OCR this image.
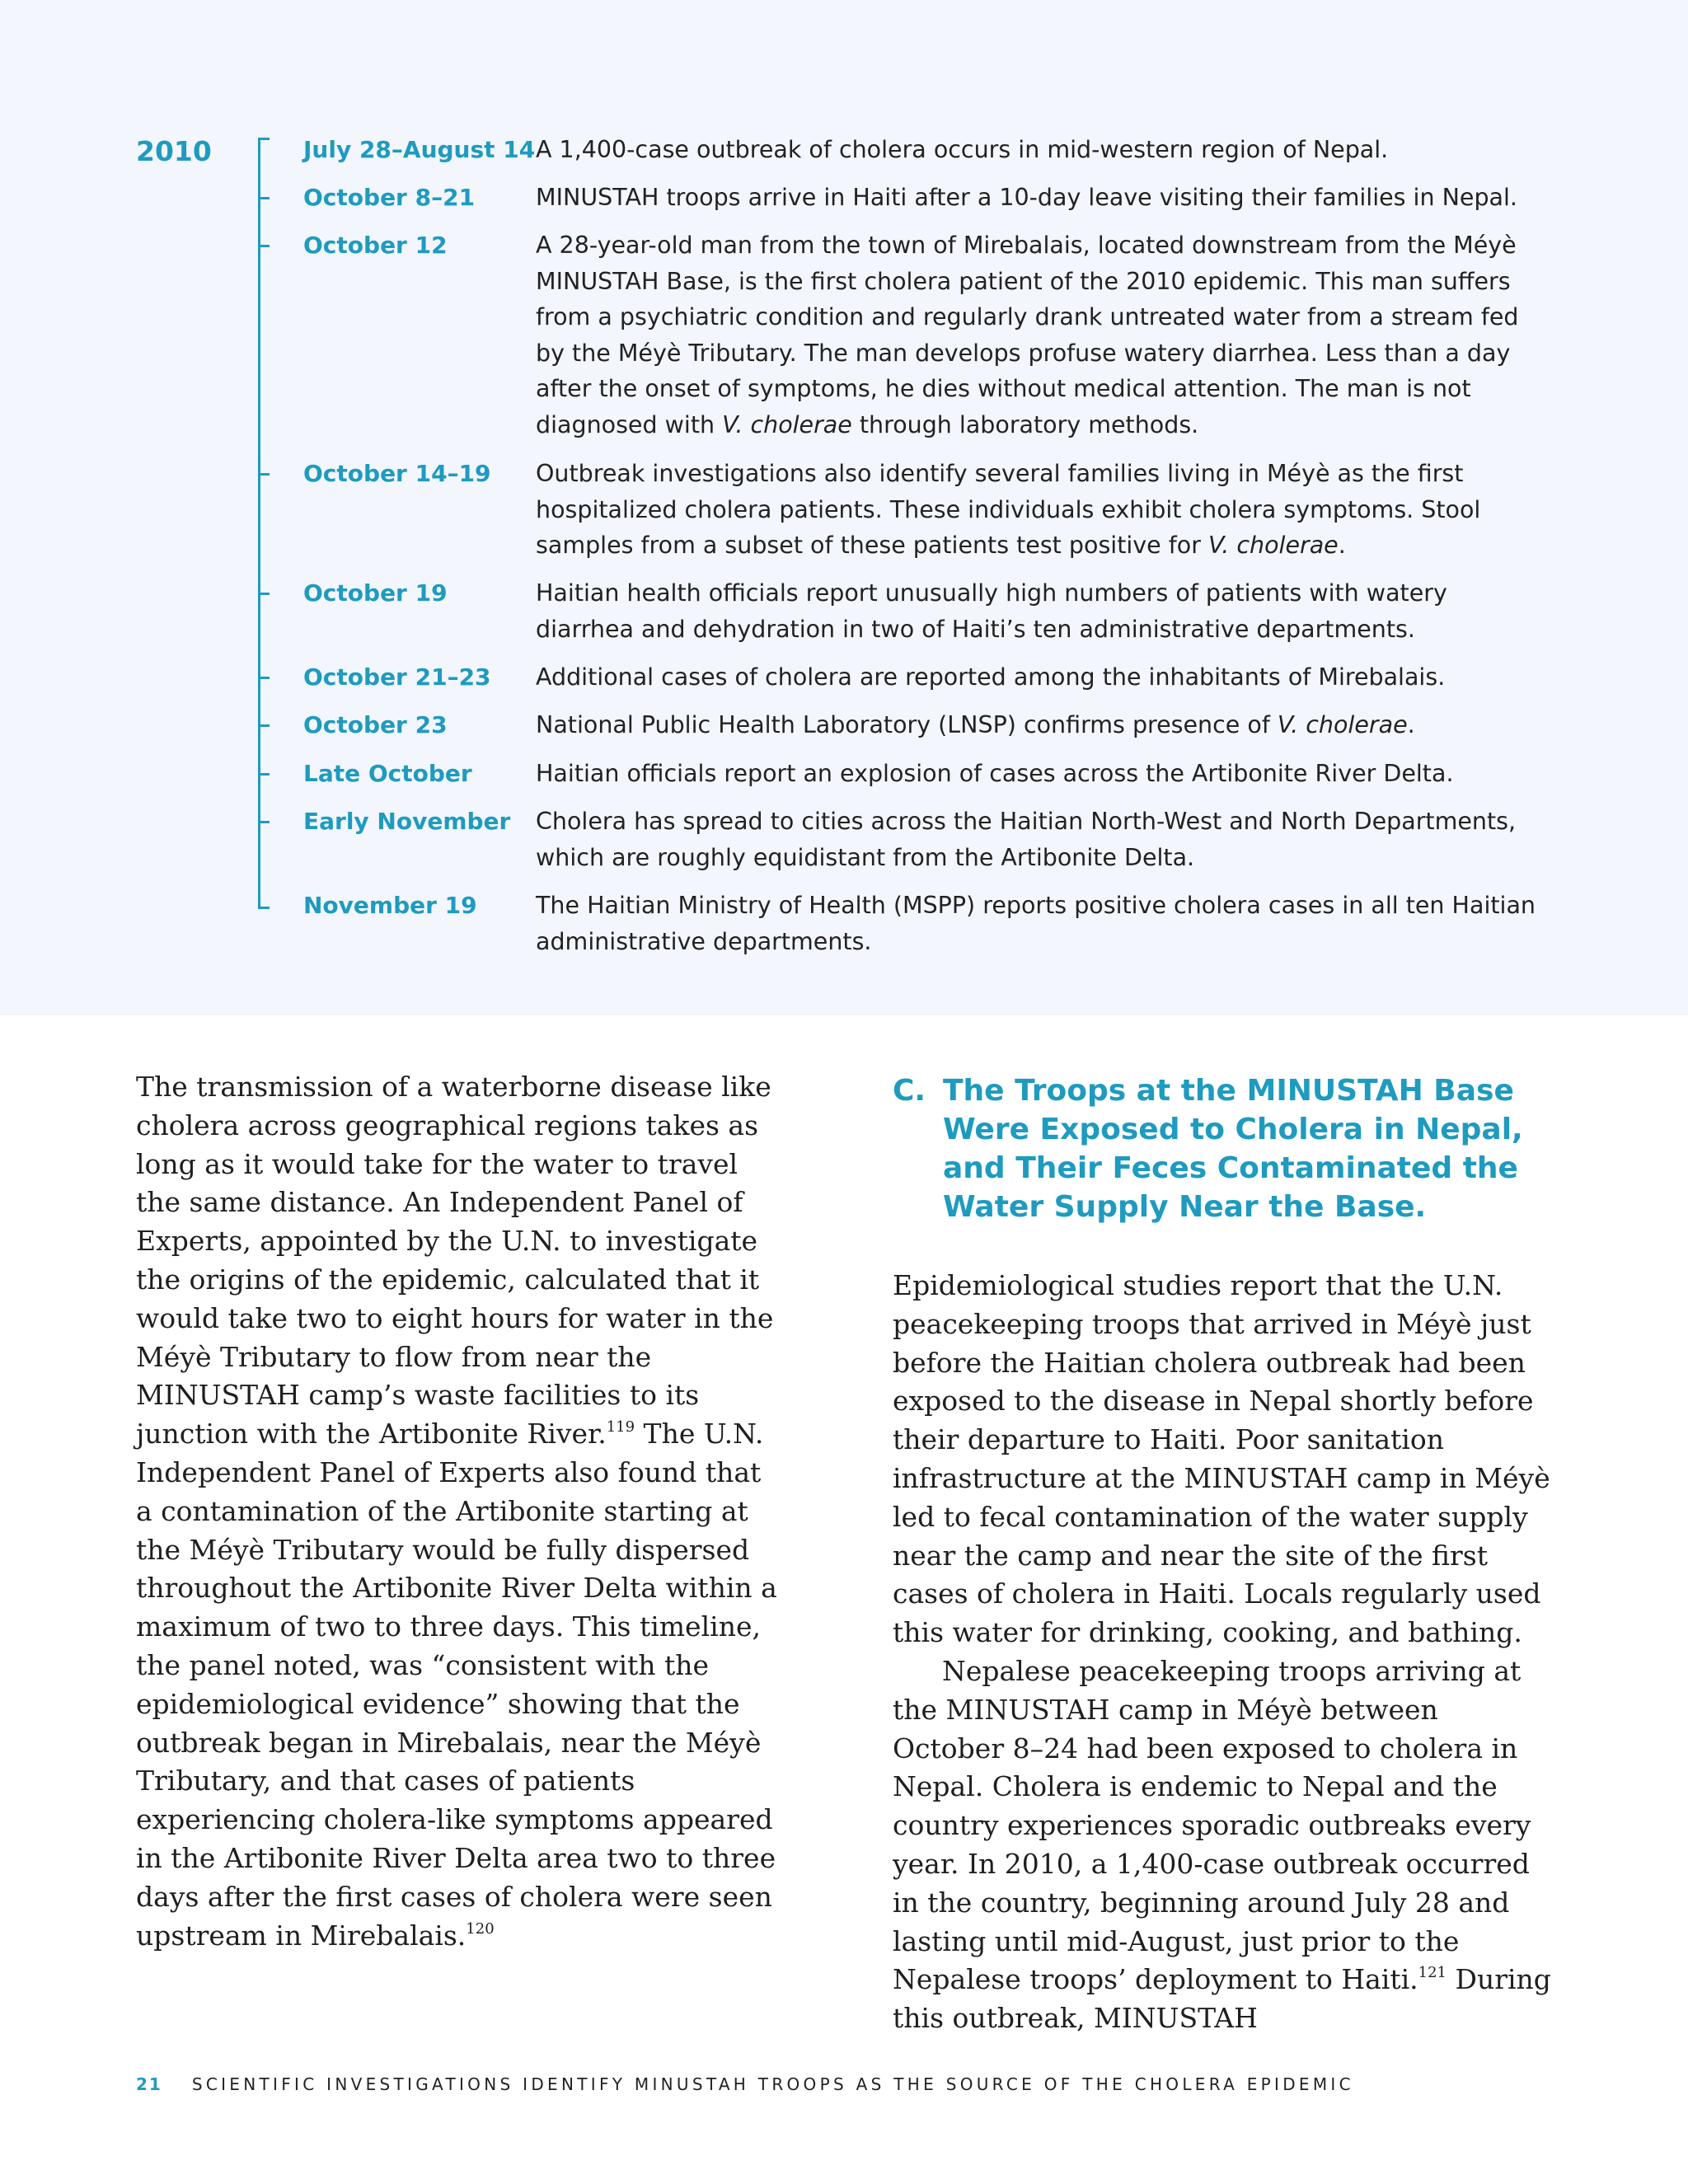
2010	July 28–August 14 A 1,400-case outbreak of cholera occurs in mid-western region of Nepal.
October 8–21	MINUSTAH troops arrive in Haiti after a 10-day leave visiting their families in Nepal.
October 12	A 28-year-old man from the town of Mirebalais, located downstream from the Méyè MINUSTAH Base, is the first cholera patient of the 2010 epidemic. This man suffers from a psychiatric condition and regularly drank untreated water from a stream fed by the Méyè Tributary. The man develops profuse watery diarrhea. Less than a day after the onset of symptoms, he dies without medical attention. The man is not diagnosed with V. cholerae through laboratory methods.
October 14–19 Outbreak investigations also identify several families living in Méyè as the first hospitalized cholera patients. These individuals exhibit cholera symptoms. Stool samples from a subset of these patients test positive for V. cholerae.
October 19	Haitian health officials report unusually high numbers of patients with watery diarrhea and dehydration in two of Haiti’s ten administrative departments.
October 21–23 Additional cases of cholera are reported among the inhabitants of Mirebalais.
October 23	National Public Health Laboratory (LNSP) confirms presence of V. cholerae.
Late October	Haitian officials report an explosion of cases across the Artibonite River Delta.
Early November Cholera has spread to cities across the Haitian North-West and North Departments, which are roughly equidistant from the Artibonite Delta.
November 19	The Haitian Ministry of Health (MSPP) reports positive cholera cases in all ten Haitian administrative departments.

The transmission of a waterborne disease like cholera across geographical regions takes as long as it would take for the water to travel the same distance. An Independent Panel of Experts, appointed by the U.N. to investigate the origins of the epidemic, calculated that it would take two to eight hours for water in the Méyè Tributary to flow from near the MINUSTAH camp’s waste facilities to its junction with the Artibonite River.$^{119}$ The U.N. Independent Panel of Experts also found that a contamination of the Artibonite starting at the Méyè Tributary would be fully dispersed throughout the Artibonite River Delta within a maximum of two to three days. This timeline, the panel noted, was “consistent with the epidemiological evidence” showing that the outbreak began in Mirebalais, near the Méyè Tributary, and that cases of patients experiencing cholera-like symptoms appeared in the Artibonite River Delta area two to three days after the first cases of cholera were seen upstream in Mirebalais.$^{120}$

C. The Troops at the MINUSTAH Base Were Exposed to Cholera in Nepal, and Their Feces Contaminated the Water Supply Near the Base.

Epidemiological studies report that the U.N. peacekeeping troops that arrived in Méyè just before the Haitian cholera outbreak had been exposed to the disease in Nepal shortly before their departure to Haiti. Poor sanitation infrastructure at the MINUSTAH camp in Méyè led to fecal contamination of the water supply near the camp and near the site of the first cases of cholera in Haiti. Locals regularly used this water for drinking, cooking, and bathing.

Nepalese peacekeeping troops arriving at the MINUSTAH camp in Méyè between October 8–24 had been exposed to cholera in Nepal. Cholera is endemic to Nepal and the country experiences sporadic outbreaks every year. In 2010, a 1,400-case outbreak occurred in the country, beginning around July 28 and lasting until mid-August, just prior to the Nepalese troops’ deployment to Haiti.$^{121}$ During this outbreak, MINUSTAH

21 SCIENTIFIC INVESTIGATIONS IDENTIFY MINUSTAH TROOPS AS THE SOURCE OF THE CHOLERA EPIDEMIC
